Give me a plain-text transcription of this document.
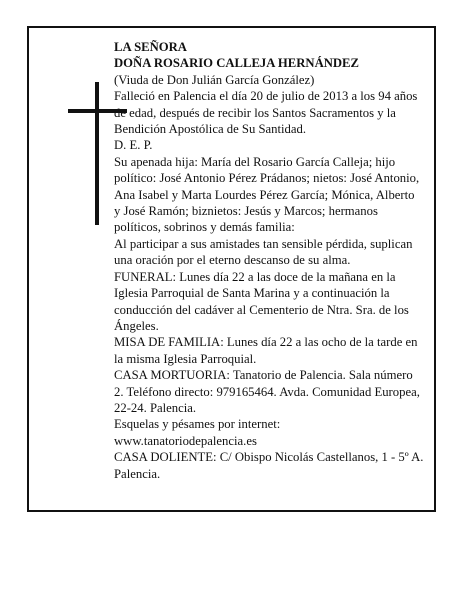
LA SEÑORA

DOÑA ROSARIO CALLEJA HERNÁNDEZ

(Viuda de Don Julián García González)

Falleció en Palencia el día 20 de julio de 2013 a los 94 años de edad, después de recibir los Santos Sacramentos y la Bendición Apostólica de Su Santidad.

D. E. P.

Su apenada hija: María del Rosario García Calleja; hijo político: José Antonio Pérez Prádanos; nietos: José Antonio, Ana Isabel y Marta Lourdes Pérez García; Mónica, Alberto y José Ramón; biznietos: Jesús y Marcos; hermanos políticos, sobrinos y demás familia:

Al participar a sus amistades tan sensible pérdida, suplican una oración por el eterno descanso de su alma.

FUNERAL: Lunes día 22 a las doce de la mañana en la Iglesia Parroquial de Santa Marina y a continuación la conducción del cadáver al Cementerio de Ntra. Sra. de los Ángeles.

MISA DE FAMILIA: Lunes día 22 a las ocho de la tarde en la misma Iglesia Parroquial.

CASA MORTUORIA: Tanatorio de Palencia. Sala número 2. Teléfono directo: 979165464. Avda. Comunidad Europea, 22-24. Palencia.

Esquelas y pésames por internet:

www.tanatoriodepalencia.es

CASA DOLIENTE: C/ Obispo Nicolás Castellanos, 1 - 5º A. Palencia.
